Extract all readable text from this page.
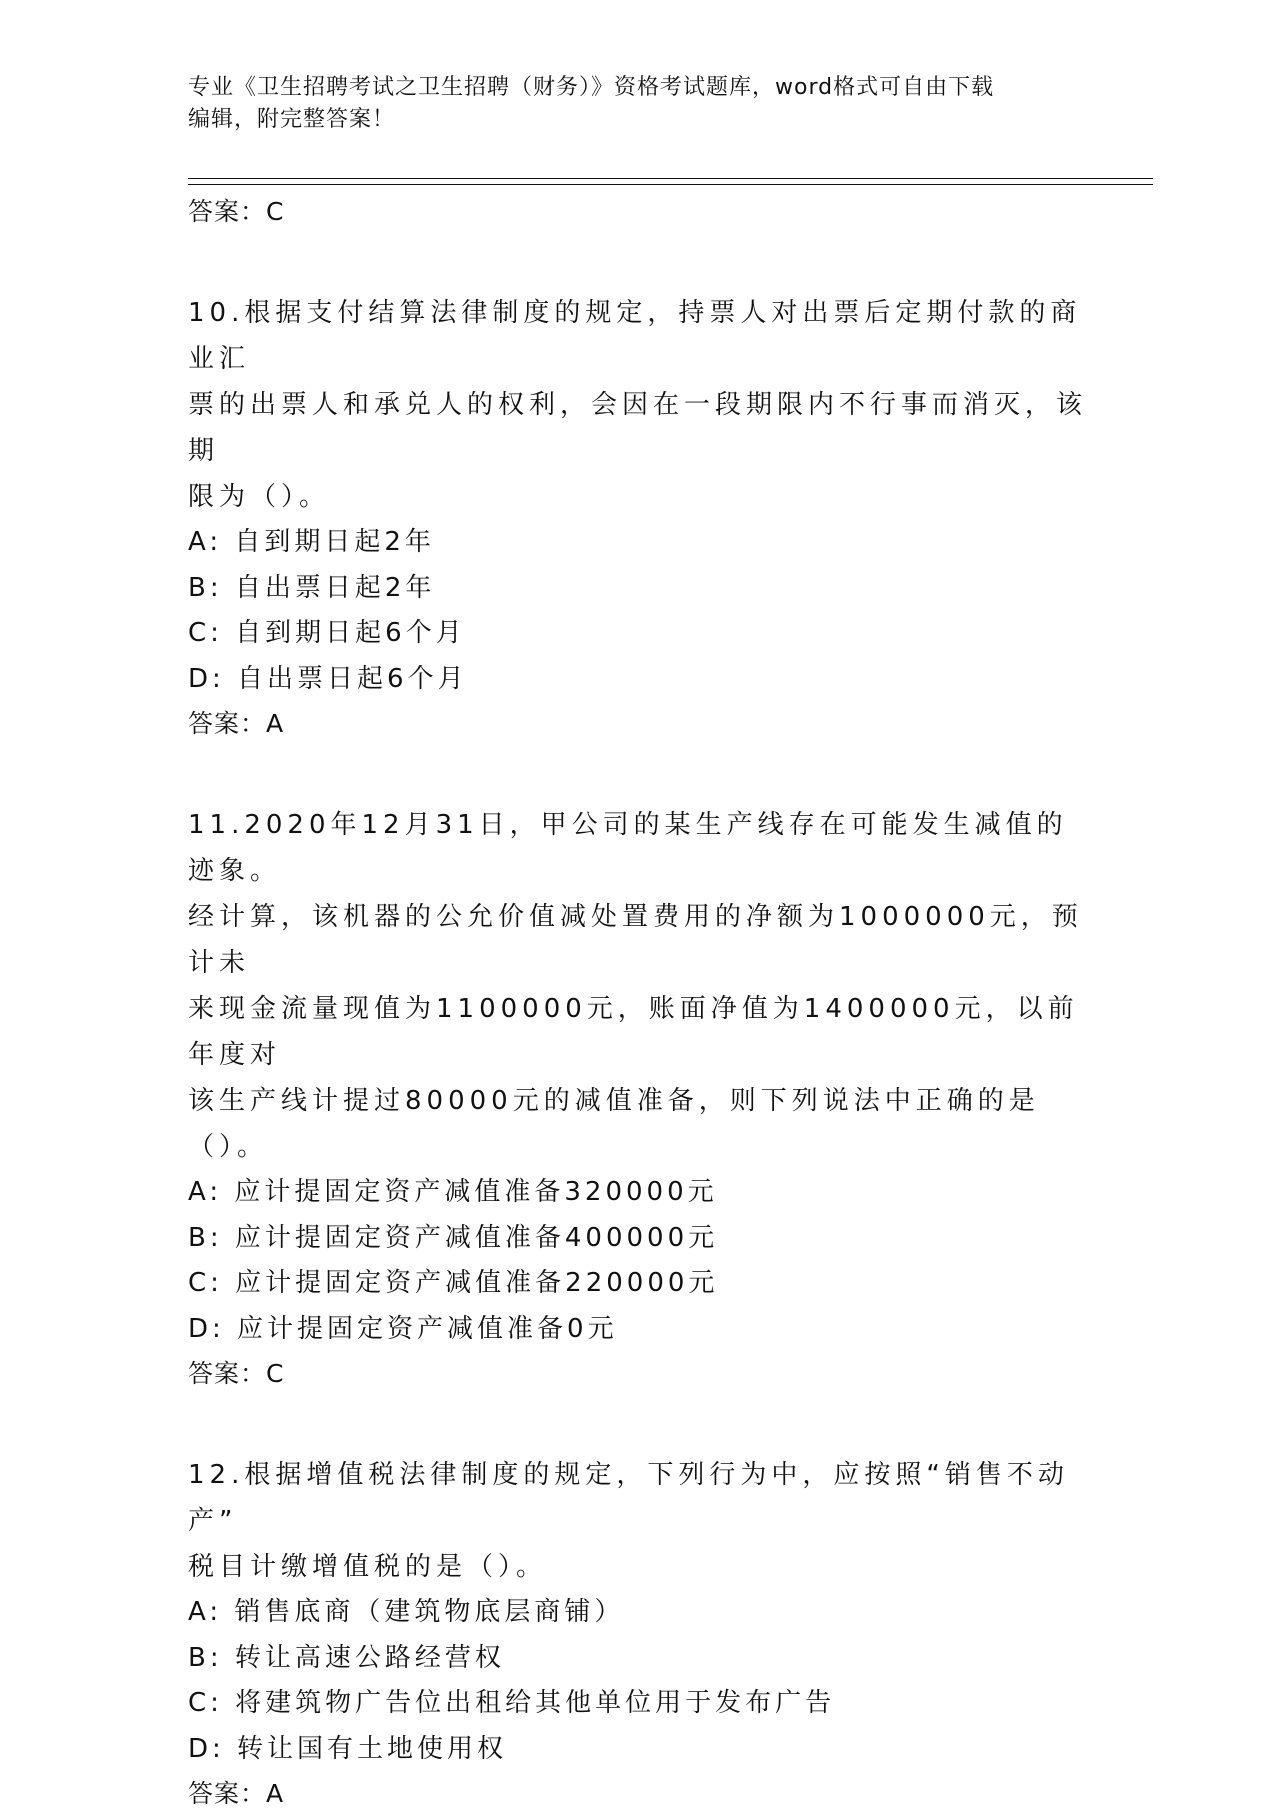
专业《卫生招聘考试之卫生招聘（财务）》资格考试题库，word格式可自由下载
编辑，附完整答案！
答案：C
10.根据支付结算法律制度的规定，持票人对出票后定期付款的商业汇
票的出票人和承兑人的权利，会因在一段期限内不行事而消灭，该期
限为（）。
A: 自到期日起2年
B: 自出票日起2年
C: 自到期日起6个月
D: 自出票日起6个月
答案：A
11.2020年12月31日，甲公司的某生产线存在可能发生减值的迹象。
经计算，该机器的公允价值减处置费用的净额为1000000元，预计未
来现金流量现值为1100000元，账面净值为1400000元，以前年度对
该生产线计提过80000元的减值准备，则下列说法中正确的是（）。
A: 应计提固定资产减值准备320000元
B: 应计提固定资产减值准备400000元
C: 应计提固定资产减值准备220000元
D: 应计提固定资产减值准备0元
答案：C
12.根据增值税法律制度的规定，下列行为中，应按照“销售不动产”
税目计缴增值税的是（）。
A: 销售底商（建筑物底层商铺）
B: 转让高速公路经营权
C: 将建筑物广告位出租给其他单位用于发布广告
D: 转让国有土地使用权
答案：A
